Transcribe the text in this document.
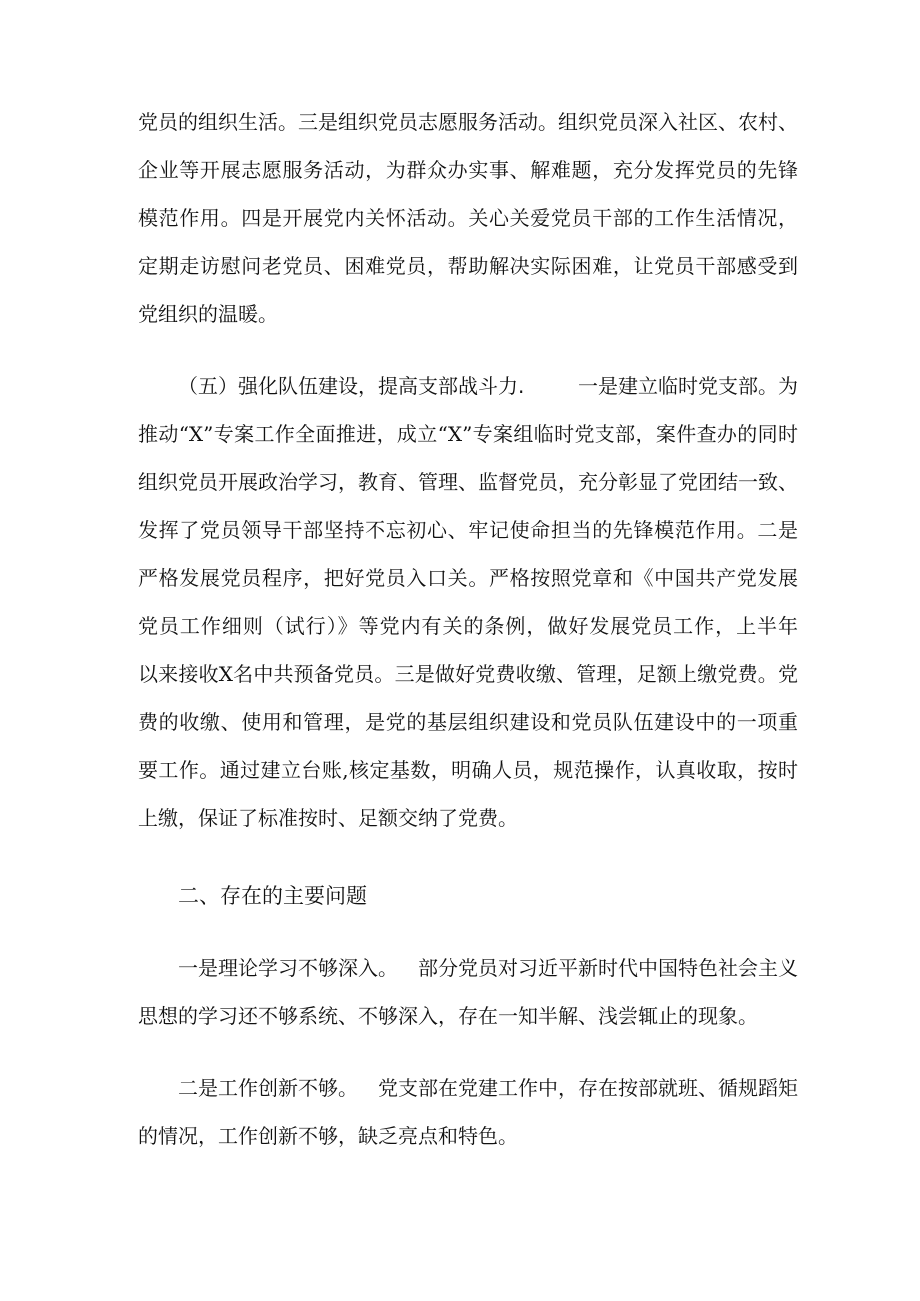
党员的组织生活。三是组织党员志愿服务活动。组织党员深入社区、农村、
企业等开展志愿服务活动，为群众办实事、解难题，充分发挥党员的先锋
模范作用。四是开展党内关怀活动。关心关爱党员干部的工作生活情况，
定期走访慰问老党员、困难党员，帮助解决实际困难，让党员干部感受到
党组织的温暖。
（五）强化队伍建设，提高支部战斗力.	一是建立临时党支部。为
推动“X”专案工作全面推进，成立“X”专案组临时党支部，案件查办的同时
组织党员开展政治学习，教育、管理、监督党员，充分彰显了党团结一致、
发挥了党员领导干部坚持不忘初心、牢记使命担当的先锋模范作用。二是
严格发展党员程序，把好党员入口关。严格按照党章和《中国共产党发展
党员工作细则（试行）》等党内有关的条例，做好发展党员工作，上半年
以来接收X名中共预备党员。三是做好党费收缴、管理，足额上缴党费。党
费的收缴、使用和管理，是党的基层组织建设和党员队伍建设中的一项重
要工作。通过建立台账,核定基数，明确人员，规范操作，认真收取，按时
上缴，保证了标准按时、足额交纳了党费。
二、存在的主要问题
一是理论学习不够深入。 部分党员对习近平新时代中国特色社会主义
思想的学习还不够系统、不够深入，存在一知半解、浅尝辄止的现象。
二是工作创新不够。 党支部在党建工作中，存在按部就班、循规蹈矩
的情况，工作创新不够，缺乏亮点和特色。
